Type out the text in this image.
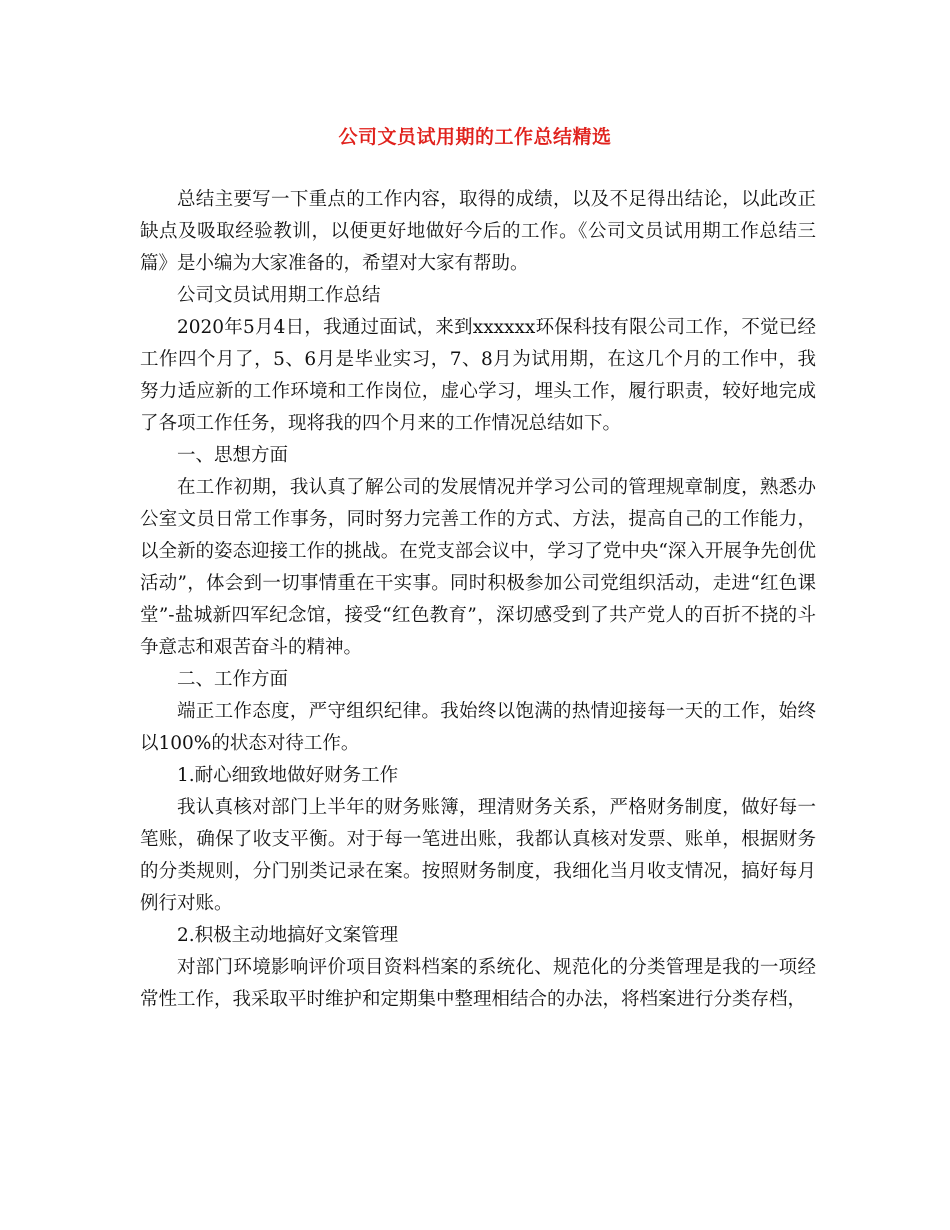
公司文员试用期的工作总结精选

总结主要写一下重点的工作内容，取得的成绩，以及不足得出结论，以此改正缺点及吸取经验教训，以便更好地做好今后的工作。《公司文员试用期工作总结三篇》是小编为大家准备的，希望对大家有帮助。

公司文员试用期工作总结

2020年5月4日，我通过面试，来到xxxxxx环保科技有限公司工作，不觉已经工作四个月了，5、6月是毕业实习，7、8月为试用期，在这几个月的工作中，我努力适应新的工作环境和工作岗位，虚心学习，埋头工作，履行职责，较好地完成了各项工作任务，现将我的四个月来的工作情况总结如下。

一、思想方面

在工作初期，我认真了解公司的发展情况并学习公司的管理规章制度，熟悉办公室文员日常工作事务，同时努力完善工作的方式、方法，提高自己的工作能力，以全新的姿态迎接工作的挑战。在党支部会议中，学习了党中央“深入开展争先创优活动”，体会到一切事情重在干实事。同时积极参加公司党组织活动，走进“红色课堂”-盐城新四军纪念馆，接受“红色教育”，深切感受到了共产党人的百折不挠的斗争意志和艰苦奋斗的精神。

二、工作方面

端正工作态度，严守组织纪律。我始终以饱满的热情迎接每一天的工作，始终以100%的状态对待工作。

1.耐心细致地做好财务工作

我认真核对部门上半年的财务账簿，理清财务关系，严格财务制度，做好每一笔账，确保了收支平衡。对于每一笔进出账，我都认真核对发票、账单，根据财务的分类规则，分门别类记录在案。按照财务制度，我细化当月收支情况，搞好每月例行对账。

2.积极主动地搞好文案管理

对部门环境影响评价项目资料档案的系统化、规范化的分类管理是我的一项经常性工作，我采取平时维护和定期集中整理相结合的办法，将档案进行分类存档，
